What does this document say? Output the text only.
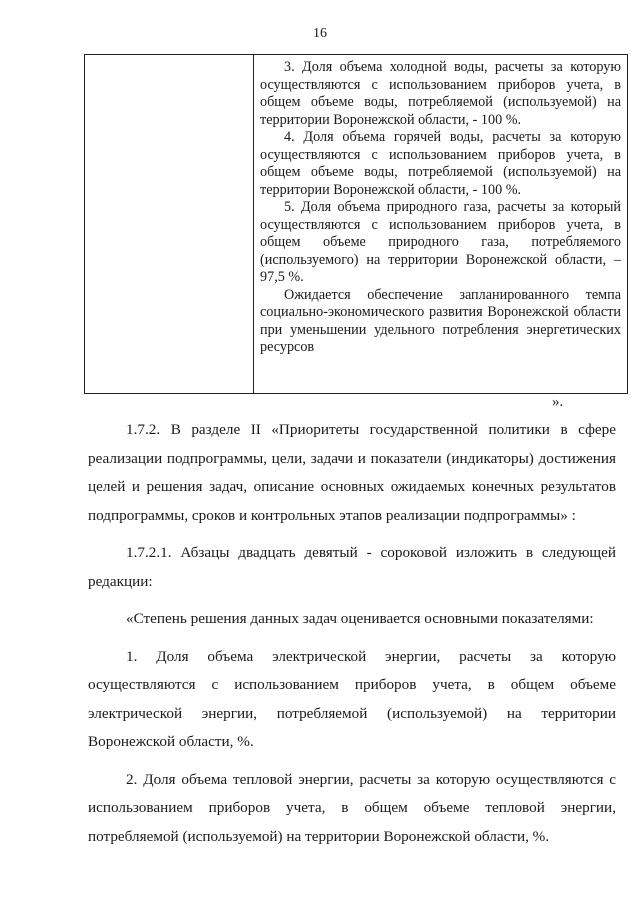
16

3. Доля объема холодной воды, расчеты за которую осуществляются с использованием приборов учета, в общем объеме воды, потребляемой (используемой) на территории Воронежской области, - 100 %.

4. Доля объема горячей воды, расчеты за которую осуществляются с использованием приборов учета, в общем объеме воды, потребляемой (используемой) на территории Воронежской области, - 100 %.

5. Доля объема природного газа, расчеты за который осуществляются с использованием приборов учета, в общем объеме природного газа, потребляемого (используемого) на территории Воронежской области, – 97,5 %.

Ожидается обеспечение запланированного темпа социально-экономического развития Воронежской области при уменьшении удельного потребления энергетических ресурсов

».

1.7.2. В разделе II «Приоритеты государственной политики в сфере реализации подпрограммы, цели, задачи и показатели (индикаторы) достижения целей и решения задач, описание основных ожидаемых конечных результатов подпрограммы, сроков и контрольных этапов реализации подпрограммы» :

1.7.2.1. Абзацы двадцать девятый - сороковой изложить в следующей редакции:

«Степень решения данных задач оценивается основными показателями:

1. Доля объема электрической энергии, расчеты за которую осуществляются с использованием приборов учета, в общем объеме электрической энергии, потребляемой (используемой) на территории Воронежской области, %.

2. Доля объема тепловой энергии, расчеты за которую осуществляются с использованием приборов учета, в общем объеме тепловой энергии, потребляемой (используемой) на территории Воронежской области, %.
